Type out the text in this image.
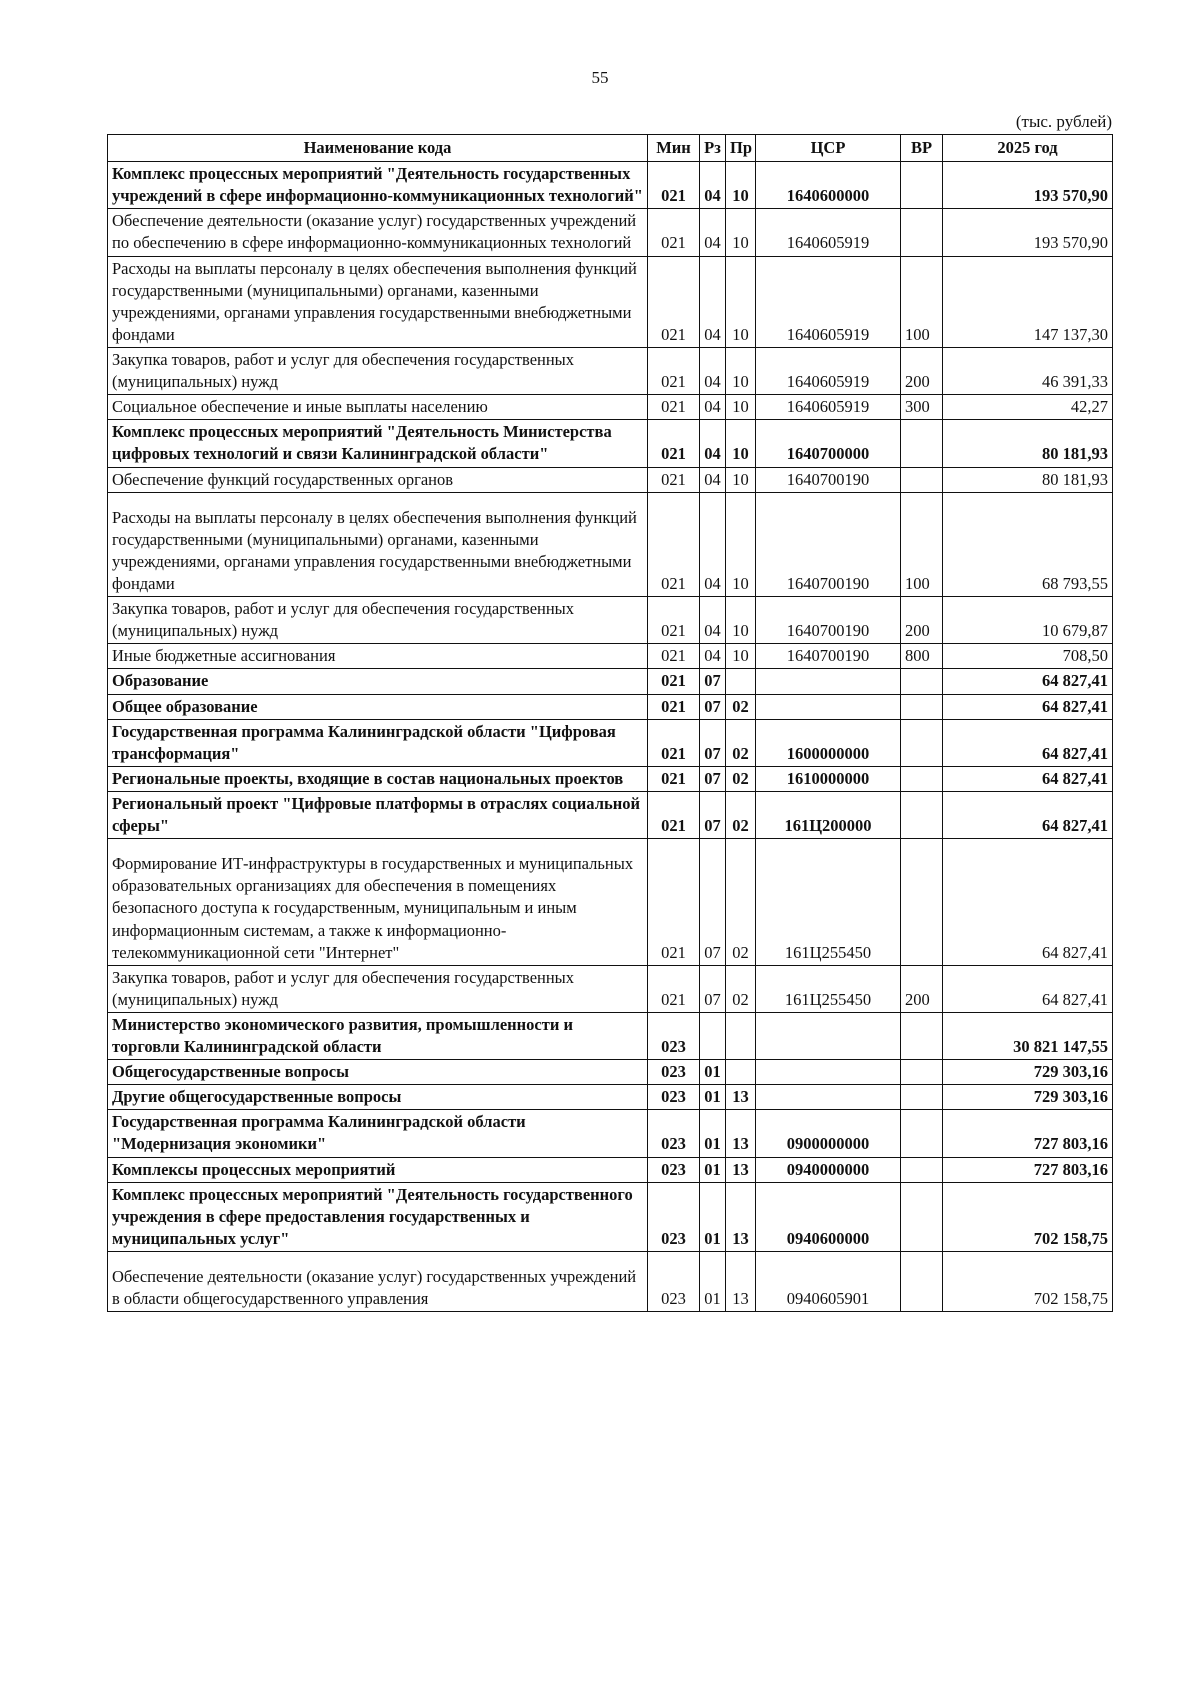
55
(тыс. рублей)
Наименование кода	Мин	Рз	Пр	ЦСР	ВР	2025 год
Комплекс процессных мероприятий "Деятельность государственных учреждений в сфере информационно-коммуникационных технологий"	021	04	10	1640600000		193 570,90
Обеспечение деятельности (оказание услуг) государственных учреждений по обеспечению в сфере информационно-коммуникационных технологий	021	04	10	1640605919		193 570,90
Расходы на выплаты персоналу в целях обеспечения выполнения функций государственными (муниципальными) органами, казенными учреждениями, органами управления государственными внебюджетными фондами	021	04	10	1640605919	100	147 137,30
Закупка товаров, работ и услуг для обеспечения государственных (муниципальных) нужд	021	04	10	1640605919	200	46 391,33
Социальное обеспечение и иные выплаты населению	021	04	10	1640605919	300	42,27
Комплекс процессных мероприятий "Деятельность Министерства цифровых технологий и связи Калининградской области"	021	04	10	1640700000		80 181,93
Обеспечение функций государственных органов	021	04	10	1640700190		80 181,93
Расходы на выплаты персоналу в целях обеспечения выполнения функций государственными (муниципальными) органами, казенными учреждениями, органами управления государственными внебюджетными фондами	021	04	10	1640700190	100	68 793,55
Закупка товаров, работ и услуг для обеспечения государственных (муниципальных) нужд	021	04	10	1640700190	200	10 679,87
Иные бюджетные ассигнования	021	04	10	1640700190	800	708,50
Образование	021	07				64 827,41
Общее образование	021	07	02			64 827,41
Государственная программа Калининградской области "Цифровая трансформация"	021	07	02	1600000000		64 827,41
Региональные проекты, входящие в состав национальных проектов	021	07	02	1610000000		64 827,41
Региональный проект "Цифровые платформы в отраслях социальной сферы"	021	07	02	161Ц200000		64 827,41
Формирование ИТ-инфраструктуры в государственных и муниципальных образовательных организациях для обеспечения в помещениях безопасного доступа к государственным, муниципальным и иным информационным системам, а также к информационно-телекоммуникационной сети "Интернет"	021	07	02	161Ц255450		64 827,41
Закупка товаров, работ и услуг для обеспечения государственных (муниципальных) нужд	021	07	02	161Ц255450	200	64 827,41
Министерство экономического развития, промышленности и торговли Калининградской области	023					30 821 147,55
Общегосударственные вопросы	023	01				729 303,16
Другие общегосударственные вопросы	023	01	13			729 303,16
Государственная программа Калининградской области "Модернизация экономики"	023	01	13	0900000000		727 803,16
Комплексы процессных мероприятий	023	01	13	0940000000		727 803,16
Комплекс процессных мероприятий "Деятельность государственного учреждения в сфере предоставления государственных и муниципальных услуг"	023	01	13	0940600000		702 158,75
Обеспечение деятельности (оказание услуг) государственных учреждений в области общегосударственного управления	023	01	13	0940605901		702 158,75
